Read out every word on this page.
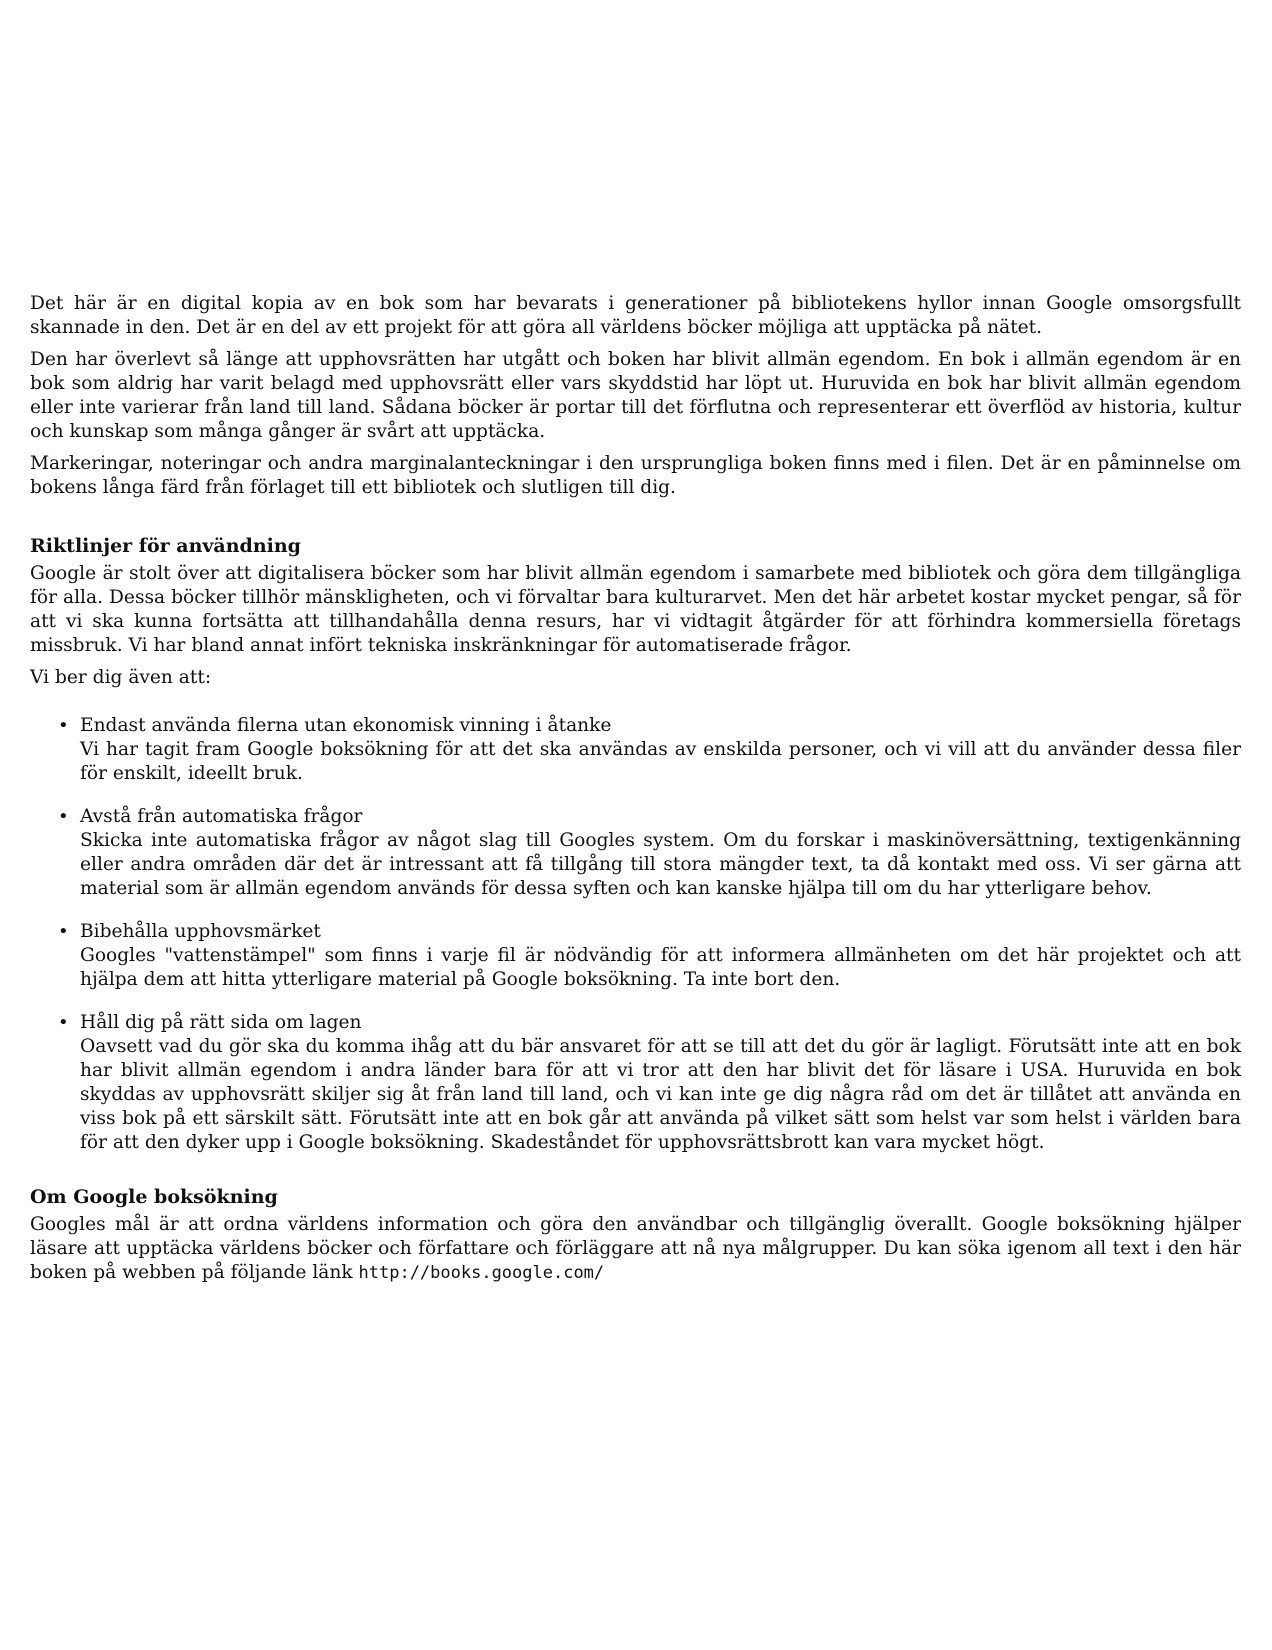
Det här är en digital kopia av en bok som har bevarats i generationer på bibliotekens hyllor innan Google omsorgsfullt skannade in den. Det är en del av ett projekt för att göra all världens böcker möjliga att upptäcka på nätet.

Den har överlevt så länge att upphovsrätten har utgått och boken har blivit allmän egendom. En bok i allmän egendom är en bok som aldrig har varit belagd med upphovsrätt eller vars skyddstid har löpt ut. Huruvida en bok har blivit allmän egendom eller inte varierar från land till land. Sådana böcker är portar till det förflutna och representerar ett överflöd av historia, kultur och kunskap som många gånger är svårt att upptäcka.

Markeringar, noteringar och andra marginalanteckningar i den ursprungliga boken finns med i filen. Det är en påminnelse om bokens långa färd från förlaget till ett bibliotek och slutligen till dig.

Riktlinjer för användning

Google är stolt över att digitalisera böcker som har blivit allmän egendom i samarbete med bibliotek och göra dem tillgängliga för alla. Dessa böcker tillhör mänskligheten, och vi förvaltar bara kulturarvet. Men det här arbetet kostar mycket pengar, så för att vi ska kunna fortsätta att tillhandahålla denna resurs, har vi vidtagit åtgärder för att förhindra kommersiella företags missbruk. Vi har bland annat infört tekniska inskränkningar för automatiserade frågor.

Vi ber dig även att:

• Endast använda filerna utan ekonomisk vinning i åtanke
Vi har tagit fram Google boksökning för att det ska användas av enskilda personer, och vi vill att du använder dessa filer för enskilt, ideellt bruk.
• Avstå från automatiska frågor
Skicka inte automatiska frågor av något slag till Googles system. Om du forskar i maskinöversättning, textigenkänning eller andra områden där det är intressant att få tillgång till stora mängder text, ta då kontakt med oss. Vi ser gärna att material som är allmän egendom används för dessa syften och kan kanske hjälpa till om du har ytterligare behov.
• Bibehålla upphovsmärket
Googles "vattenstämpel" som finns i varje fil är nödvändig för att informera allmänheten om det här projektet och att hjälpa dem att hitta ytterligare material på Google boksökning. Ta inte bort den.
• Håll dig på rätt sida om lagen
Oavsett vad du gör ska du komma ihåg att du bär ansvaret för att se till att det du gör är lagligt. Förutsätt inte att en bok har blivit allmän egendom i andra länder bara för att vi tror att den har blivit det för läsare i USA. Huruvida en bok skyddas av upphovsrätt skiljer sig åt från land till land, och vi kan inte ge dig några råd om det är tillåtet att använda en viss bok på ett särskilt sätt. Förutsätt inte att en bok går att använda på vilket sätt som helst var som helst i världen bara för att den dyker upp i Google boksökning. Skadeståndet för upphovsrättsbrott kan vara mycket högt.
Om Google boksökning

Googles mål är att ordna världens information och göra den användbar och tillgänglig överallt. Google boksökning hjälper läsare att upptäcka världens böcker och författare och förläggare att nå nya målgrupper. Du kan söka igenom all text i den här boken på webben på följande länk http://books.google.com/
